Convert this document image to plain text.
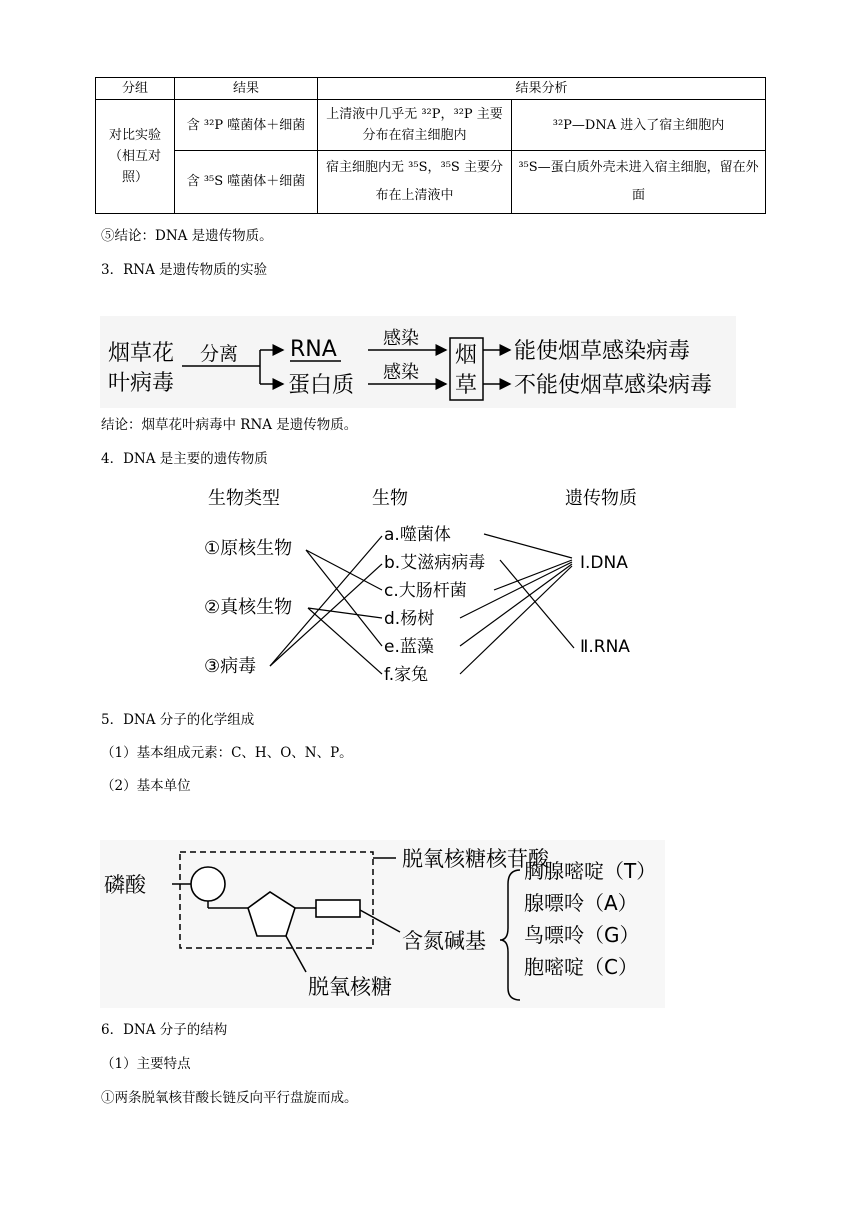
分组	结果	结果分析	
对比实验（相互对照）	含 ³²P 噬菌体＋细菌	上清液中几乎无 ³²P，³²P 主要分布在宿主细胞内	³²P—DNA 进入了宿主细胞内
	含 ³⁵S 噬菌体＋细菌	宿主细胞内无 ³⁵S，³⁵S 主要分布在上清液中	³⁵S—蛋白质外壳未进入宿主细胞，留在外面
⑤结论：DNA 是遗传物质。
3．RNA 是遗传物质的实验
烟草花
叶病毒
分离 RNA
蛋白质
感染
感染
烟
草
能使烟草感染病毒
不能使烟草感染病毒
结论：烟草花叶病毒中 RNA 是遗传物质。
4．DNA 是主要的遗传物质
生物类型	生物	遗传物质
①原核生物
②真核生物
③病毒
a.噬菌体
b.艾滋病病毒
c.大肠杆菌
d.杨树
e.蓝藻
f.家兔
Ⅰ.DNA
Ⅱ.RNA
5．DNA 分子的化学组成
（1）基本组成元素：C、H、O、N、P。
（2）基本单位
磷酸
脱氧核糖核苷酸
含氮碱基
脱氧核糖
胸腺嘧啶（T）
腺嘌呤（A）
鸟嘌呤（G）
胞嘧啶（C）
6．DNA 分子的结构
（1）主要特点
①两条脱氧核苷酸长链反向平行盘旋而成。
